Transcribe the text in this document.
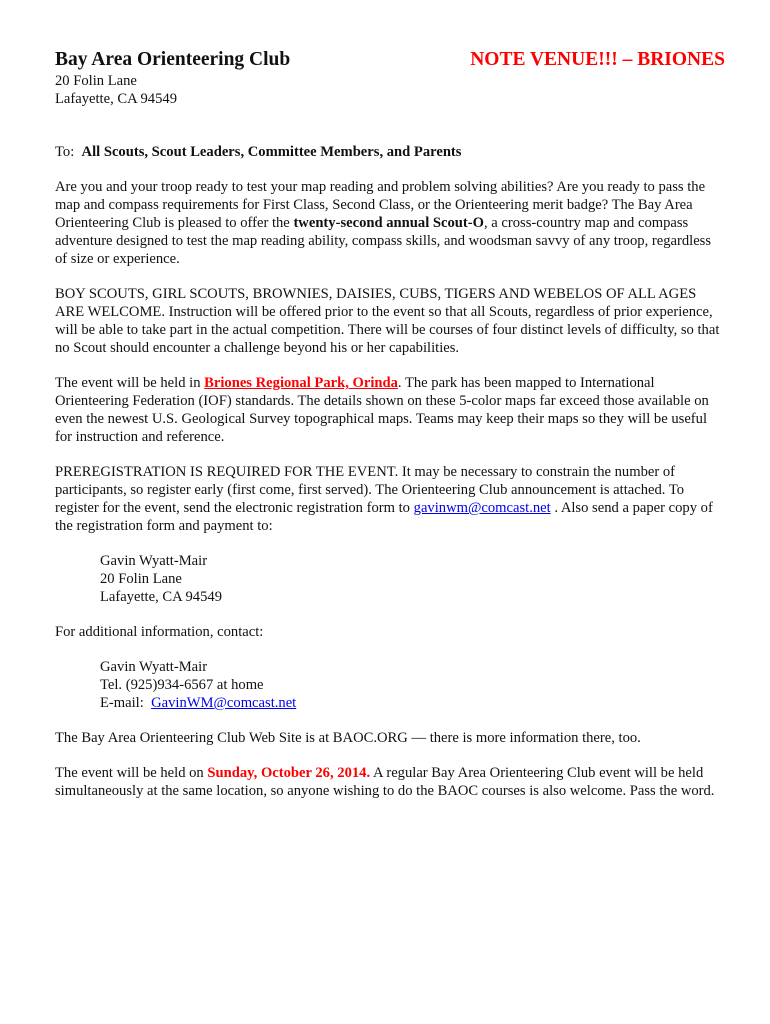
Bay Area Orienteering Club	NOTE VENUE!!! – BRIONES
20 Folin Lane
Lafayette, CA 94549

To: All Scouts, Scout Leaders, Committee Members, and Parents

Are you and your troop ready to test your map reading and problem solving abilities? Are you ready to pass the map and compass requirements for First Class, Second Class, or the Orienteering merit badge? The Bay Area Orienteering Club is pleased to offer the twenty-second annual Scout-O, a cross-country map and compass adventure designed to test the map reading ability, compass skills, and woodsman savvy of any troop, regardless of size or experience.

BOY SCOUTS, GIRL SCOUTS, BROWNIES, DAISIES, CUBS, TIGERS AND WEBELOS OF ALL AGES ARE WELCOME. Instruction will be offered prior to the event so that all Scouts, regardless of prior experience, will be able to take part in the actual competition. There will be courses of four distinct levels of difficulty, so that no Scout should encounter a challenge beyond his or her capabilities.

The event will be held in Briones Regional Park, Orinda. The park has been mapped to International Orienteering Federation (IOF) standards. The details shown on these 5-color maps far exceed those available on even the newest U.S. Geological Survey topographical maps. Teams may keep their maps so they will be useful for instruction and reference.

PREREGISTRATION IS REQUIRED FOR THE EVENT. It may be necessary to constrain the number of participants, so register early (first come, first served). The Orienteering Club announcement is attached. To register for the event, send the electronic registration form to gavinwm@comcast.net . Also send a paper copy of the registration form and payment to:

Gavin Wyatt-Mair
20 Folin Lane
Lafayette, CA 94549

For additional information, contact:

Gavin Wyatt-Mair
Tel. (925)934-6567 at home
E-mail: GavinWM@comcast.net

The Bay Area Orienteering Club Web Site is at BAOC.ORG — there is more information there, too.

The event will be held on Sunday, October 26, 2014. A regular Bay Area Orienteering Club event will be held simultaneously at the same location, so anyone wishing to do the BAOC courses is also welcome. Pass the word.
